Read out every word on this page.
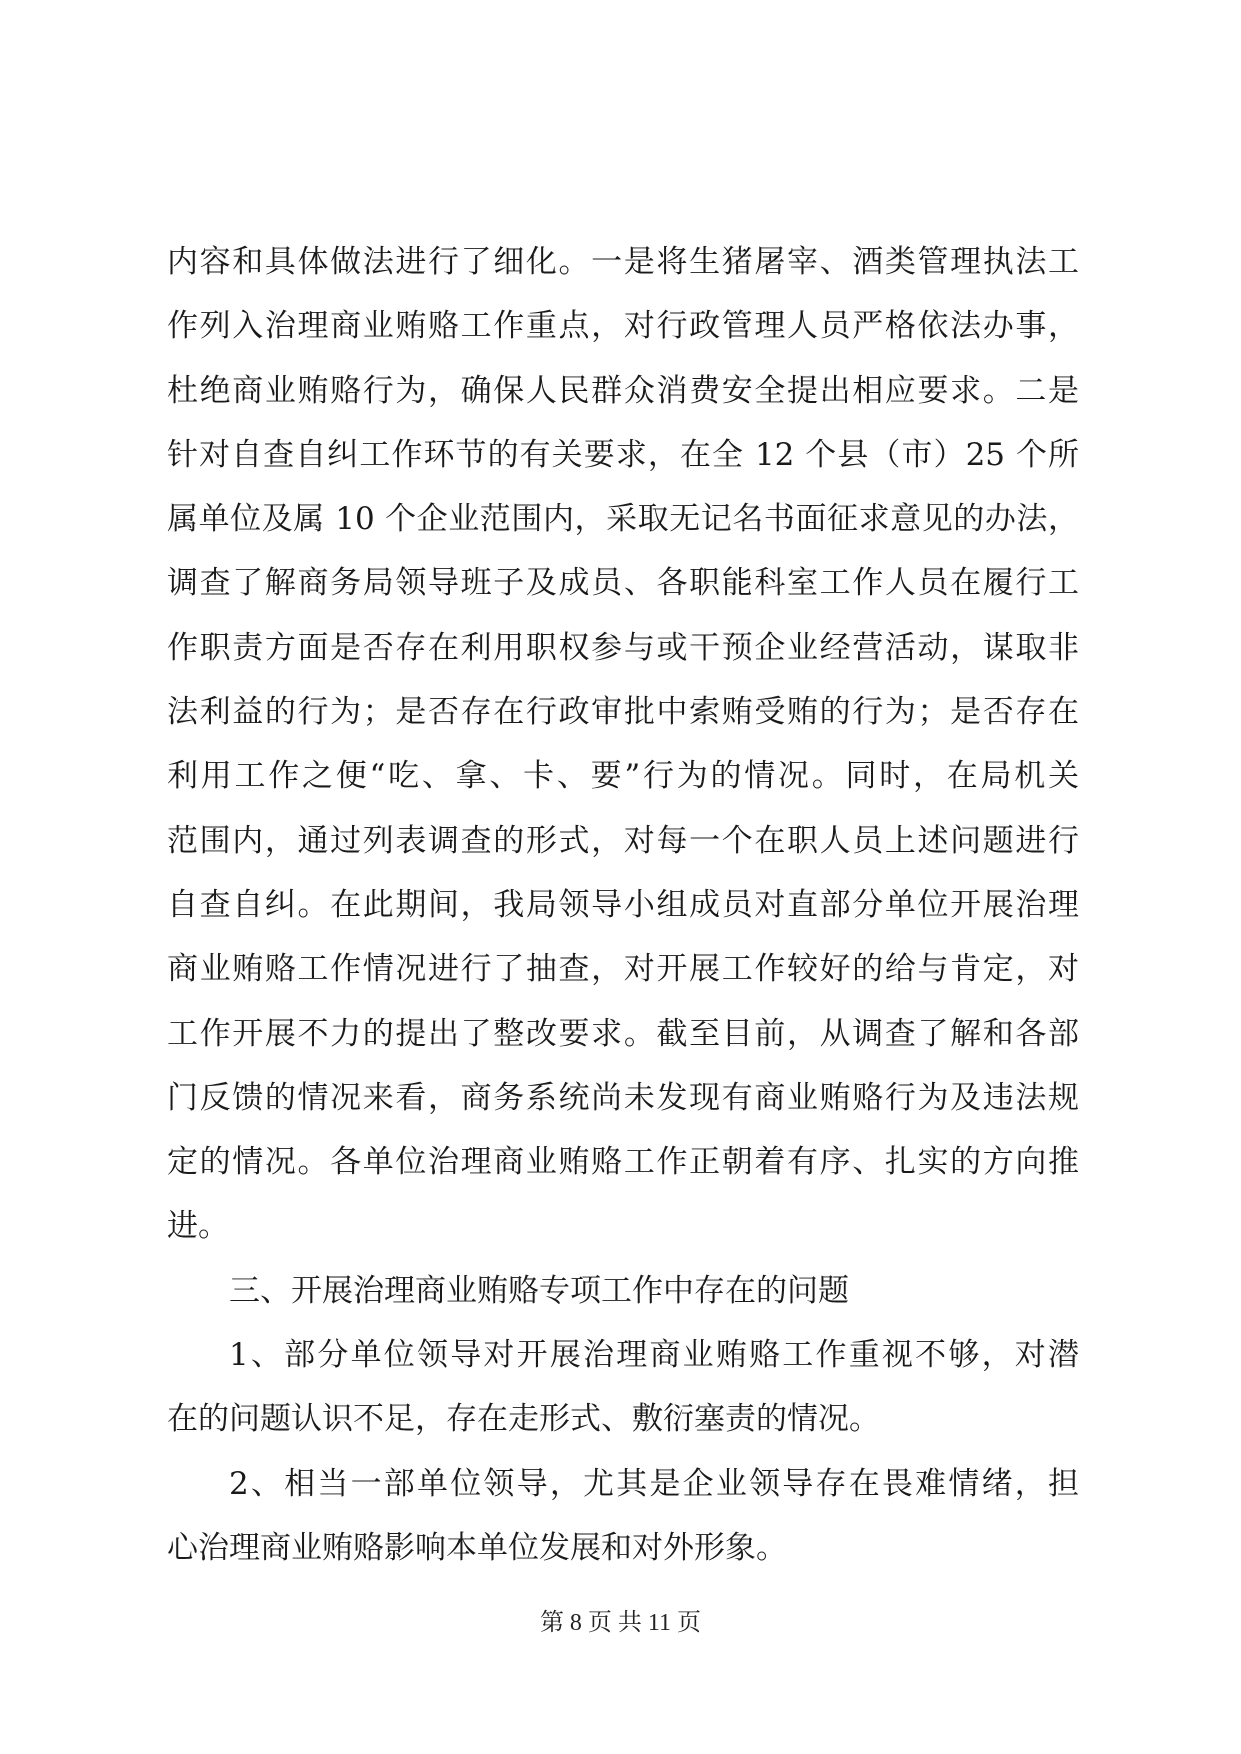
内容和具体做法进行了细化。一是将生猪屠宰、酒类管理执法工
作列入治理商业贿赂工作重点，对行政管理人员严格依法办事，
杜绝商业贿赂行为，确保人民群众消费安全提出相应要求。二是
针对自查自纠工作环节的有关要求，在全 12 个县（市）25 个所
属单位及属 10 个企业范围内，采取无记名书面征求意见的办法，
调查了解商务局领导班子及成员、各职能科室工作人员在履行工
作职责方面是否存在利用职权参与或干预企业经营活动，谋取非
法利益的行为；是否存在行政审批中索贿受贿的行为；是否存在
利用工作之便“吃、拿、卡、要”行为的情况。同时，在局机关
范围内，通过列表调查的形式，对每一个在职人员上述问题进行
自查自纠。在此期间，我局领导小组成员对直部分单位开展治理
商业贿赂工作情况进行了抽查，对开展工作较好的给与肯定，对
工作开展不力的提出了整改要求。截至目前，从调查了解和各部
门反馈的情况来看，商务系统尚未发现有商业贿赂行为及违法规
定的情况。各单位治理商业贿赂工作正朝着有序、扎实的方向推
进。
三、开展治理商业贿赂专项工作中存在的问题
1、部分单位领导对开展治理商业贿赂工作重视不够，对潜
在的问题认识不足，存在走形式、敷衍塞责的情况。
2、相当一部单位领导，尤其是企业领导存在畏难情绪，担
心治理商业贿赂影响本单位发展和对外形象。
第 8 页 共 11 页
